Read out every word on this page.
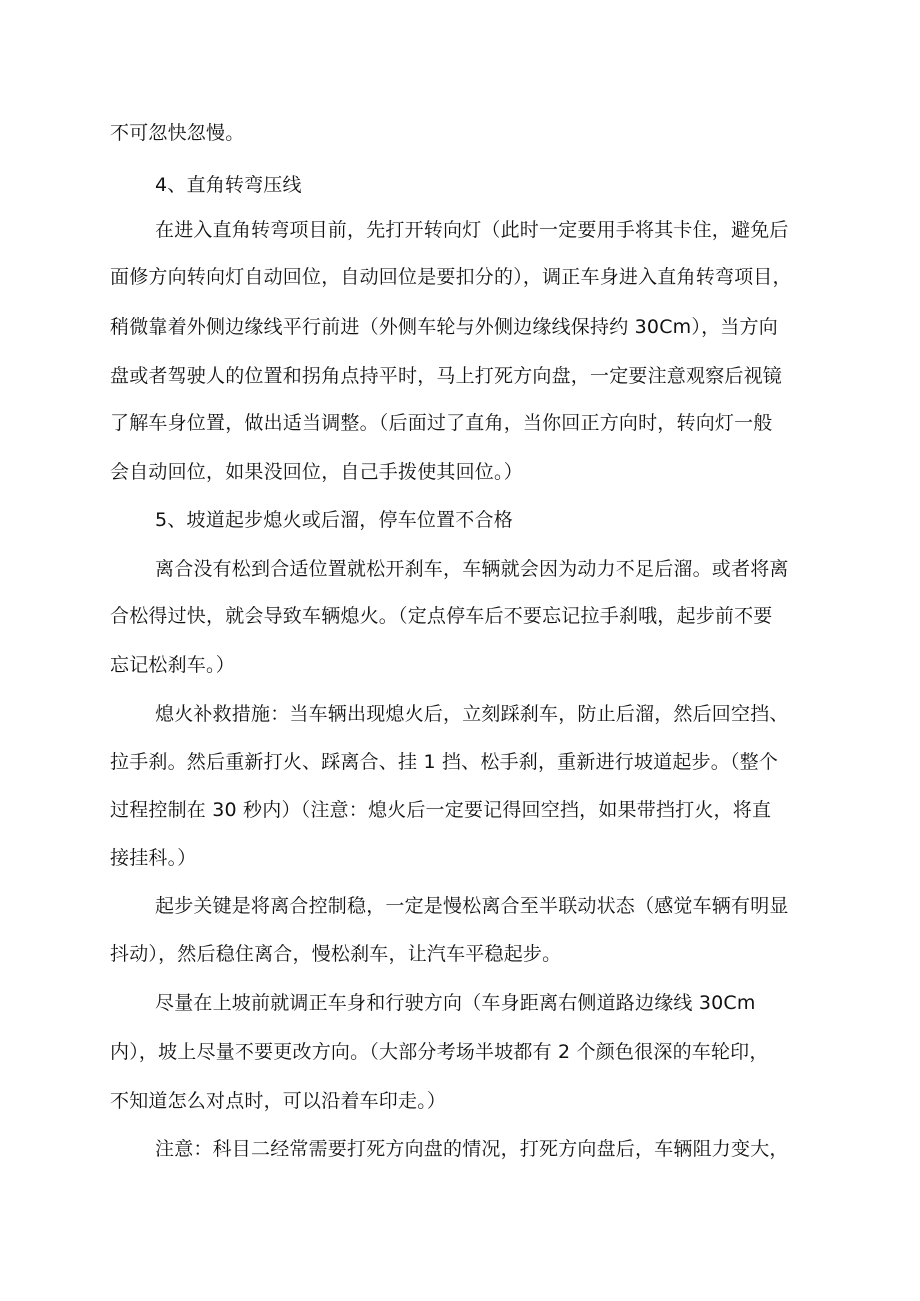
不可忽快忽慢。
4、直角转弯压线
在进入直角转弯项目前，先打开转向灯（此时一定要用手将其卡住，避免后
面修方向转向灯自动回位，自动回位是要扣分的），调正车身进入直角转弯项目，
稍微靠着外侧边缘线平行前进（外侧车轮与外侧边缘线保持约 30Cm），当方向
盘或者驾驶人的位置和拐角点持平时，马上打死方向盘，一定要注意观察后视镜
了解车身位置，做出适当调整。（后面过了直角，当你回正方向时，转向灯一般
会自动回位，如果没回位，自己手拨使其回位。）
5、坡道起步熄火或后溜，停车位置不合格
离合没有松到合适位置就松开刹车，车辆就会因为动力不足后溜。或者将离
合松得过快，就会导致车辆熄火。（定点停车后不要忘记拉手刹哦，起步前不要
忘记松刹车。）
熄火补救措施：当车辆出现熄火后，立刻踩刹车，防止后溜，然后回空挡、
拉手刹。然后重新打火、踩离合、挂 1 挡、松手刹，重新进行坡道起步。（整个
过程控制在 30 秒内）（注意：熄火后一定要记得回空挡，如果带挡打火，将直
接挂科。）
起步关键是将离合控制稳，一定是慢松离合至半联动状态（感觉车辆有明显
抖动），然后稳住离合，慢松刹车，让汽车平稳起步。
尽量在上坡前就调正车身和行驶方向（车身距离右侧道路边缘线 30Cm
内），坡上尽量不要更改方向。（大部分考场半坡都有 2 个颜色很深的车轮印，
不知道怎么对点时，可以沿着车印走。）
注意：科目二经常需要打死方向盘的情况，打死方向盘后，车辆阻力变大，
